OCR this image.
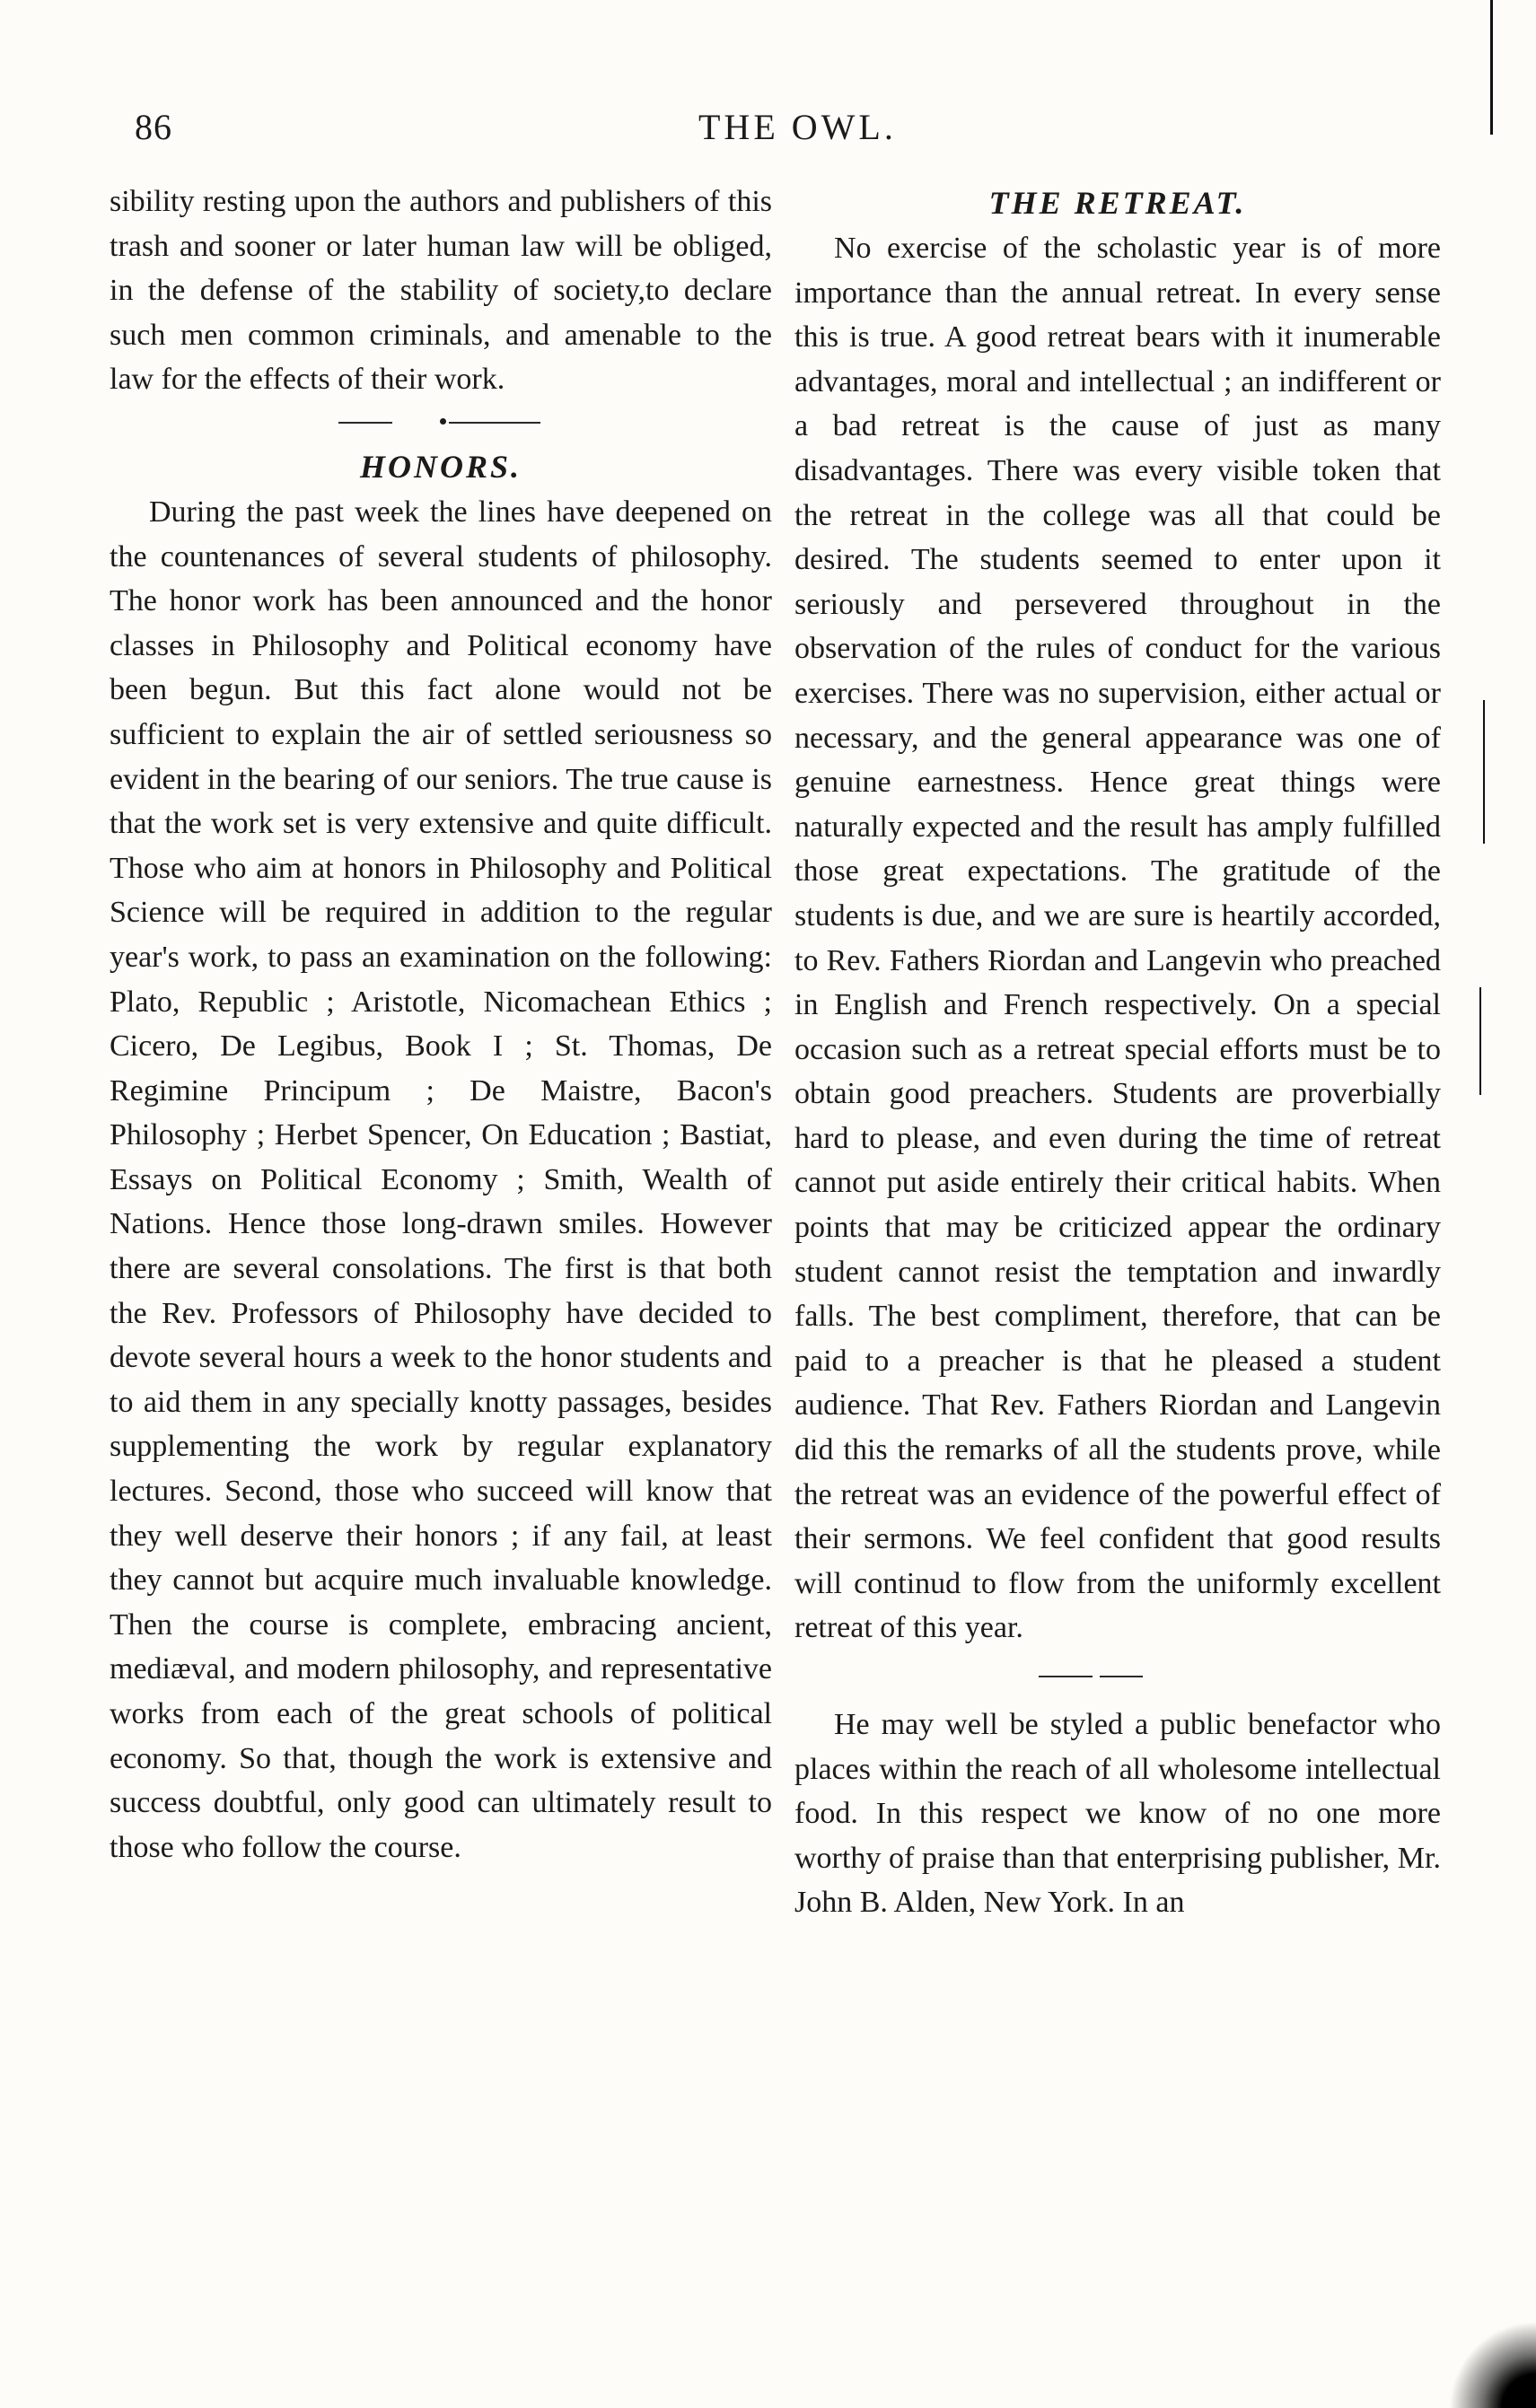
86	THE OWL.

sibility resting upon the authors and publishers of this trash and sooner or later human law will be obliged, in the defense of the stability of society,to declare such men common criminals, and amenable to the law for the effects of their work.

HONORS.

During the past week the lines have deepened on the countenances of several students of philosophy. The honor work has been announced and the honor classes in Philosophy and Political economy have been begun. But this fact alone would not be sufficient to explain the air of settled seriousness so evident in the bearing of our seniors. The true cause is that the work set is very extensive and quite difficult. Those who aim at honors in Philosophy and Political Science will be required in addition to the regular year's work, to pass an examination on the following: Plato, Republic ; Aristotle, Nicomachean Ethics ; Cicero, De Legibus, Book I ; St. Thomas, De Regimine Principum ; De Maistre, Bacon's Philosophy ; Herbet Spencer, On Education ; Bastiat, Essays on Political Economy ; Smith, Wealth of Nations. Hence those long-drawn smiles. However there are several consolations. The first is that both the Rev. Professors of Philosophy have decided to devote several hours a week to the honor students and to aid them in any specially knotty passages, besides supplementing the work by regular explanatory lectures. Second, those who succeed will know that they well deserve their honors ; if any fail, at least they cannot but acquire much invaluable knowledge. Then the course is complete, embracing ancient, mediæval, and modern philosophy, and representative works from each of the great schools of political economy. So that, though the work is extensive and success doubtful, only good can ultimately result to those who follow the course.

THE RETREAT.

No exercise of the scholastic year is of more importance than the annual retreat. In every sense this is true. A good retreat bears with it inumerable advantages, moral and intellectual ; an indifferent or a bad retreat is the cause of just as many disadvantages. There was every visible token that the retreat in the college was all that could be desired. The students seemed to enter upon it seriously and persevered throughout in the observation of the rules of conduct for the various exercises. There was no supervision, either actual or necessary, and the general appearance was one of genuine earnestness. Hence great things were naturally expected and the result has amply fulfilled those great expectations. The gratitude of the students is due, and we are sure is heartily accorded, to Rev. Fathers Riordan and Langevin who preached in English and French respectively. On a special occasion such as a retreat special efforts must be to obtain good preachers. Students are proverbially hard to please, and even during the time of retreat cannot put aside entirely their critical habits. When points that may be criticized appear the ordinary student cannot resist the temptation and inwardly falls. The best compliment, therefore, that can be paid to a preacher is that he pleased a student audience. That Rev. Fathers Riordan and Langevin did this the remarks of all the students prove, while the retreat was an evidence of the powerful effect of their sermons. We feel confident that good results will continud to flow from the uniformly excellent retreat of this year.

He may well be styled a public benefactor who places within the reach of all wholesome intellectual food. In this respect we know of no one more worthy of praise than that enterprising publisher, Mr. John B. Alden, New York. In an
